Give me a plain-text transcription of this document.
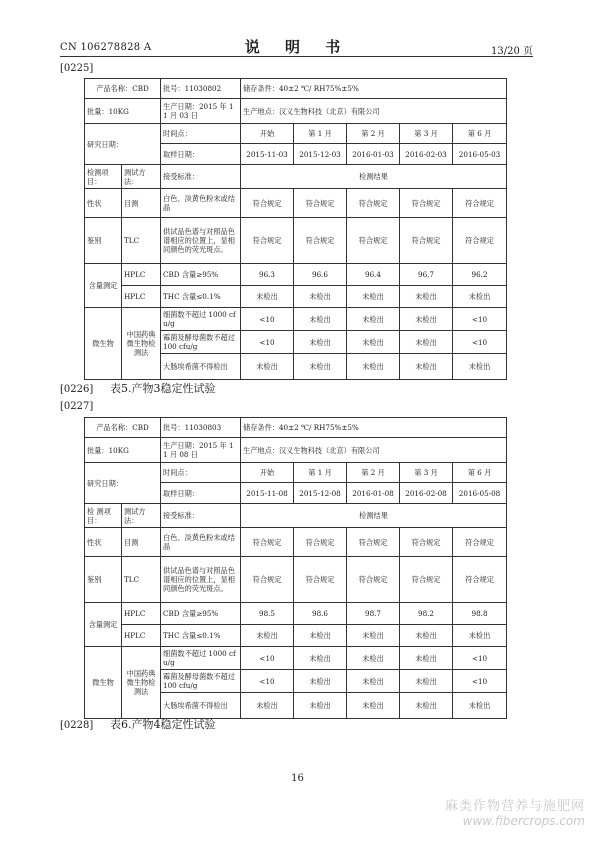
CN 106278828 A	说 明 书	13/20 页
[0225]
产品名称：CBD		批号：11030802	储存条件：40±2 ℃/ RH75%±5%				
批量：10KG		生产日期：2015 年 11 月 03 日	生产地点：汉义生物科技（北京）有限公司				
研究日期：		时间点：	开始	第 1 月	第 2 月	第 3 月	第 6 月
		取样日期：	2015-11-03	2015-12-03	2016-01-03	2016-02-03	2016-05-03
检测项目：	测试方法：	接受标准：	检测结果				
性状	目测	白色、淡黄色粉末或结晶	符合规定	符合规定	符合规定	符合规定	符合规定
鉴别	TLC	供试品色谱与对照品色谱相应的位置上，显相同颜色的荧光斑点。	符合规定	符合规定	符合规定	符合规定	符合规定
含量测定	HPLC	CBD 含量≥95%	96.3	96.6	96.4	96.7	96.2
	HPLC	THC 含量≤0.1%	未检出	未检出	未检出	未检出	未检出
微生物	中国药典微生物检测法	细菌数不超过 1000 cfu/g	<10	未检出	未检出	未检出	<10
		霉菌及酵母菌数不超过 100 cfu/g	<10	未检出	未检出	未检出	<10
		大肠埃希菌不得检出	未检出	未检出	未检出	未检出	未检出
[0226] 表5.产物3稳定性试验
[0227]
产品名称：CBD		批号：11030803	储存条件：40±2 ℃/ RH75%±5%				
批量：10KG		生产日期：2015 年 11 月 08 日	生产地点：汉义生物科技（北京）有限公司				
研究日期：		时间点：	开始	第 1 月	第 2 月	第 3 月	第 6 月
		取样日期：	2015-11-08	2015-12-08	2016-01-08	2016-02-08	2016-05-08
检 测项目：	测试方法：	接受标准：	检测结果				
性状	目测	白色、淡黄色粉末或结晶	符合规定	符合规定	符合规定	符合规定	符合规定
鉴别	TLC	供试品色谱与对照品色谱相应的位置上，显相同颜色的荧光斑点。	符合规定	符合规定	符合规定	符合规定	符合规定
含量测定	HPLC	CBD 含量≥95%	98.5	98.6	98.7	98.2	98.8
	HPLC	THC 含量≤0.1%	未检出	未检出	未检出	未检出	未检出
微生物	中国药典微生物检测法	细菌数不超过 1000 cfu/g	<10	未检出	未检出	未检出	<10
		霉菌及酵母菌数不超过 100 cfu/g	<10	未检出	未检出	未检出	<10
		大肠埃希菌不得检出	未检出	未检出	未检出	未检出	未检出
[0228] 表6.产物4稳定性试验
16
麻类作物营养与施肥网
www.fibercrops.com
